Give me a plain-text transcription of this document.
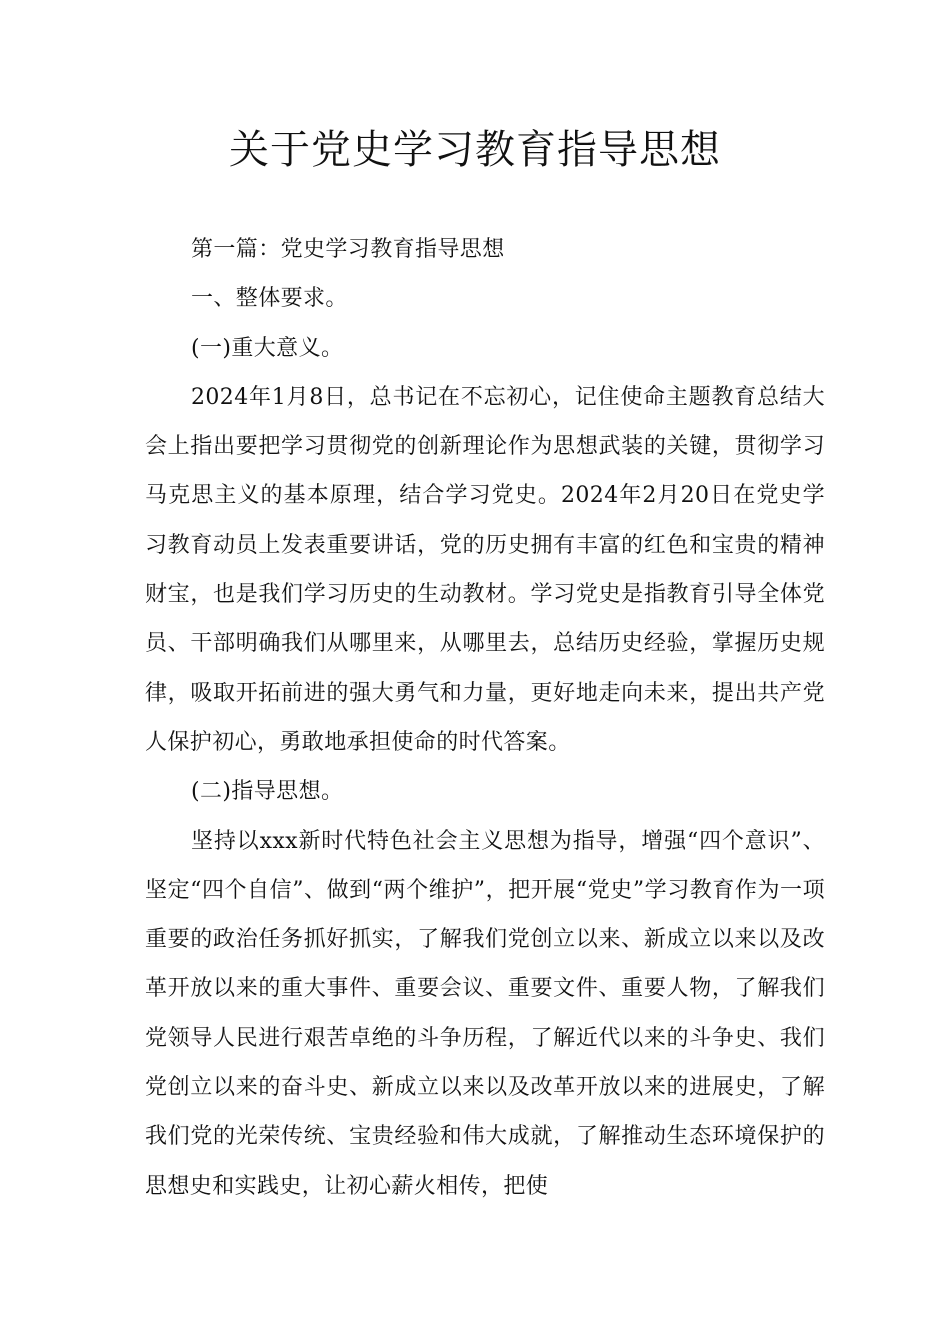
关于党史学习教育指导思想

第一篇：党史学习教育指导思想

一、整体要求。

(一)重大意义。

2024年1月8日，总书记在不忘初心，记住使命主题教育总结大会上指出要把学习贯彻党的创新理论作为思想武装的关键，贯彻学习马克思主义的基本原理，结合学习党史。2024年2月20日在党史学习教育动员上发表重要讲话，党的历史拥有丰富的红色和宝贵的精神财宝，也是我们学习历史的生动教材。学习党史是指教育引导全体党员、干部明确我们从哪里来，从哪里去，总结历史经验，掌握历史规律，吸取开拓前进的强大勇气和力量，更好地走向未来，提出共产党人保护初心，勇敢地承担使命的时代答案。

(二)指导思想。

坚持以xxx新时代特色社会主义思想为指导，增强“四个意识”、坚定“四个自信”、做到“两个维护”，把开展“党史”学习教育作为一项重要的政治任务抓好抓实，了解我们党创立以来、新成立以来以及改革开放以来的重大事件、重要会议、重要文件、重要人物，了解我们党领导人民进行艰苦卓绝的斗争历程，了解近代以来的斗争史、我们党创立以来的奋斗史、新成立以来以及改革开放以来的进展史，了解我们党的光荣传统、宝贵经验和伟大成就，了解推动生态环境保护的思想史和实践史，让初心薪火相传，把使
